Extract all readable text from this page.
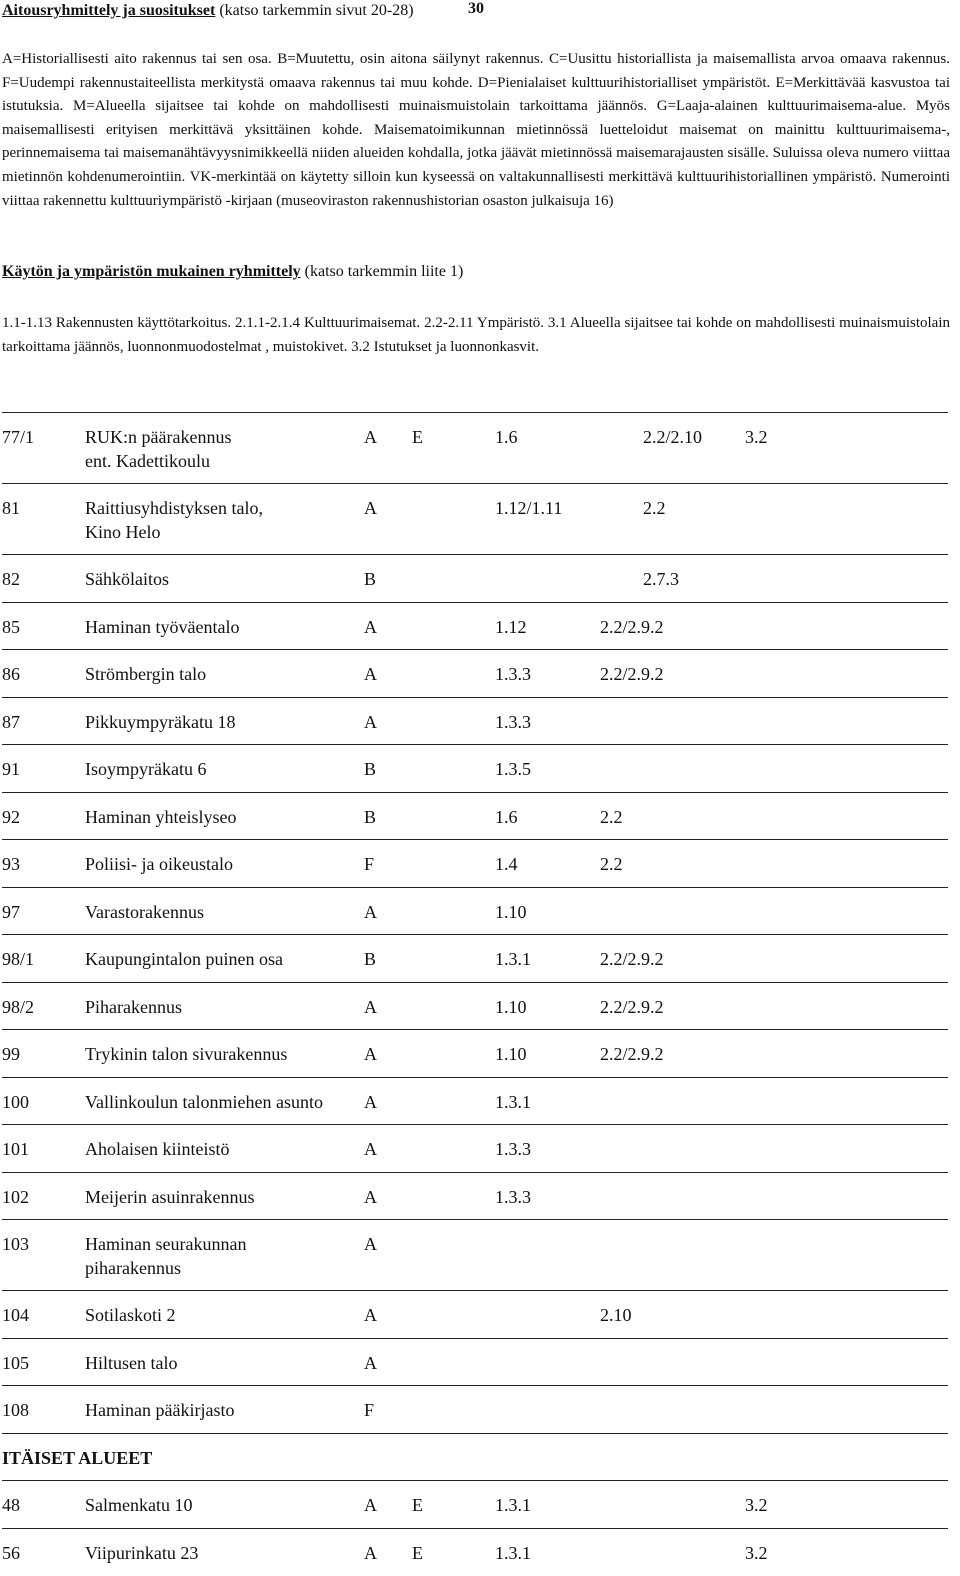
Aitousryhmittely ja suositukset (katso tarkemmin sivut 20-28)	30
A=Historiallisesti aito rakennus tai sen osa. B=Muutettu, osin aitona säilynyt rakennus. C=Uusittu historiallista ja maisemallista arvoa omaava rakennus. F=Uudempi rakennustaiteellista merkitystä omaava rakennus tai muu kohde. D=Pienialaiset kulttuurihistorialliset ympäristöt. E=Merkittävää kasvustoa tai istutuksia. M=Alueella sijaitsee tai kohde on mahdollisesti muinaismuistolain tarkoittama jäännös. G=Laaja-alainen kulttuurimaisema-alue. Myös maisemallisesti erityisen merkittävä yksittäinen kohde. Maisematoimikunnan mietinnössä luetteloidut maisemat on mainittu kulttuurimaisema-, perinnemaisema tai maisemanähtävyysnimikkeellä niiden alueiden kohdalla, jotka jäävät mietinnössä maisemarajausten sisälle. Suluissa oleva numero viittaa mietinnön kohdenumerointiin. VK-merkintää on käytetty silloin kun kyseessä on valtakunnallisesti merkittävä kulttuurihistoriallinen ympäristö. Numerointi viittaa rakennettu kulttuuriympäristö -kirjaan (museoviraston rakennushistorian osaston julkaisuja 16)
Käytön ja ympäristön mukainen ryhmittely (katso tarkemmin liite 1)
1.1-1.13 Rakennusten käyttötarkoitus. 2.1.1-2.1.4 Kulttuurimaisemat. 2.2-2.11 Ympäristö. 3.1 Alueella sijaitsee tai kohde on mahdollisesti muinaismuistolain tarkoittama jäännös, luonnonmuodostelmat , muistokivet. 3.2 Istutukset ja luonnonkasvit.
77/1	RUK:n päärakennus	A E	1.6	2.2/2.10 3.2
ent. Kadettikoulu
81	Raittiusyhdistyksen talo,	A	1.12/1.11	2.2
Kino Helo
82	Sähkölaitos	B	2.7.3
85	Haminan työväentalo	A	1.12	2.2/2.9.2
86	Strömbergin talo	A	1.3.3	2.2/2.9.2
87	Pikkuympyräkatu 18	A	1.3.3
91	Isoympyräkatu 6	B	1.3.5
92	Haminan yhteislyseo	B	1.6	2.2
93	Poliisi- ja oikeustalo	F	1.4	2.2
97	Varastorakennus	A	1.10
98/1	Kaupungintalon puinen osa	B	1.3.1	2.2/2.9.2
98/2	Piharakennus	A	1.10	2.2/2.9.2
99	Trykinin talon sivurakennus	A	1.10	2.2/2.9.2
100	Vallinkoulun talonmiehen asunto A	1.3.1
101	Aholaisen kiinteistö	A	1.3.3
102	Meijerin asuinrakennus	A	1.3.3
103	Haminan seurakunnan	A
piharakennus
104	Sotilaskoti 2	A	2.10
105	Hiltusen talo	A
108	Haminan pääkirjasto	F
ITÄISET ALUEET
48	Salmenkatu 10	A E	1.3.1	3.2
56	Viipurinkatu 23	A E	1.3.1	3.2
